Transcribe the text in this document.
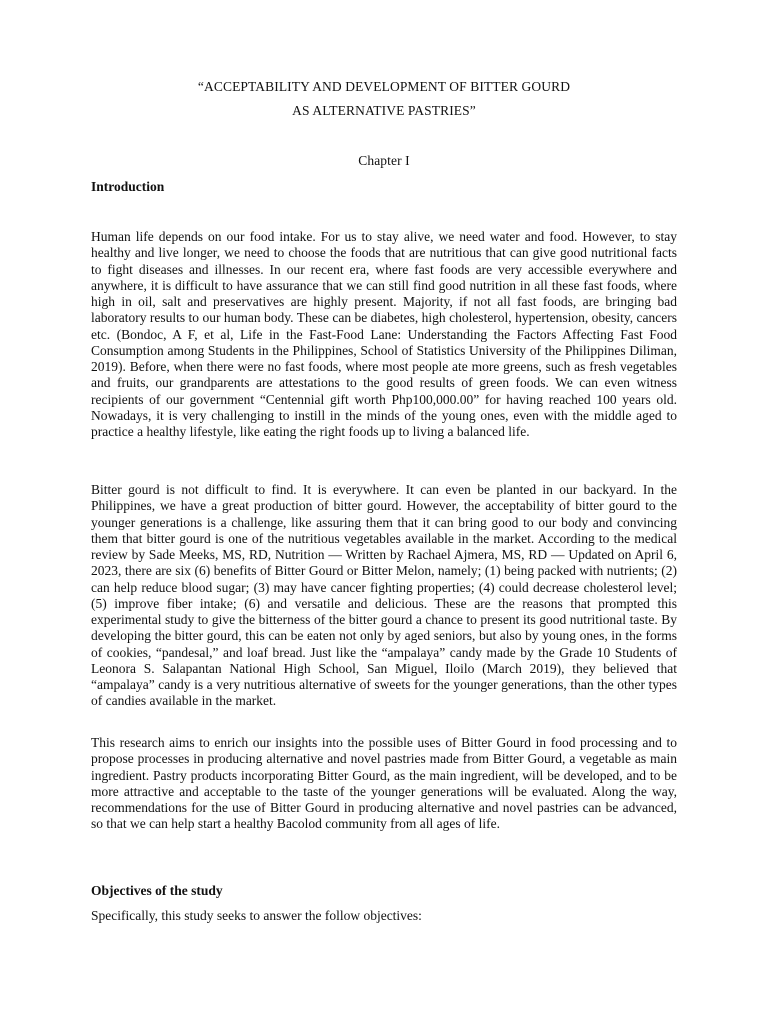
“ACCEPTABILITY AND DEVELOPMENT OF BITTER GOURD
AS ALTERNATIVE PASTRIES”
Chapter I
Introduction

Human life depends on our food intake. For us to stay alive, we need water and food. However, to stay healthy and live longer, we need to choose the foods that are nutritious that can give good nutritional facts to fight diseases and illnesses. In our recent era, where fast foods are very accessible everywhere and anywhere, it is difficult to have assurance that we can still find good nutrition in all these fast foods, where high in oil, salt and preservatives are highly present. Majority, if not all fast foods, are bringing bad laboratory results to our human body. These can be diabetes, high cholesterol, hypertension, obesity, cancers etc. (Bondoc, A F, et al, Life in the Fast-Food Lane: Understanding the Factors Affecting Fast Food Consumption among Students in the Philippines, School of Statistics University of the Philippines Diliman, 2019). Before, when there were no fast foods, where most people ate more greens, such as fresh vegetables and fruits, our grandparents are attestations to the good results of green foods. We can even witness recipients of our government “Centennial gift worth Php100,000.00” for having reached 100 years old. Nowadays, it is very challenging to instill in the minds of the young ones, even with the middle aged to practice a healthy lifestyle, like eating the right foods up to living a balanced life.

Bitter gourd is not difficult to find. It is everywhere. It can even be planted in our backyard. In the Philippines, we have a great production of bitter gourd. However, the acceptability of bitter gourd to the younger generations is a challenge, like assuring them that it can bring good to our body and convincing them that bitter gourd is one of the nutritious vegetables available in the market. According to the medical review by Sade Meeks, MS, RD, Nutrition — Written by Rachael Ajmera, MS, RD — Updated on April 6, 2023, there are six (6) benefits of Bitter Gourd or Bitter Melon, namely; (1) being packed with nutrients; (2) can help reduce blood sugar; (3) may have cancer fighting properties; (4) could decrease cholesterol level; (5) improve fiber intake; (6) and versatile and delicious. These are the reasons that prompted this experimental study to give the bitterness of the bitter gourd a chance to present its good nutritional taste. By developing the bitter gourd, this can be eaten not only by aged seniors, but also by young ones, in the forms of cookies, “pandesal,” and loaf bread. Just like the “ampalaya” candy made by the Grade 10 Students of Leonora S. Salapantan National High School, San Miguel, Iloilo (March 2019), they believed that “ampalaya” candy is a very nutritious alternative of sweets for the younger generations, than the other types of candies available in the market.

This research aims to enrich our insights into the possible uses of Bitter Gourd in food processing and to propose processes in producing alternative and novel pastries made from Bitter Gourd, a vegetable as main ingredient. Pastry products incorporating Bitter Gourd, as the main ingredient, will be developed, and to be more attractive and acceptable to the taste of the younger generations will be evaluated. Along the way, recommendations for the use of Bitter Gourd in producing alternative and novel pastries can be advanced, so that we can help start a healthy Bacolod community from all ages of life.

Objectives of the study

Specifically, this study seeks to answer the follow objectives:
